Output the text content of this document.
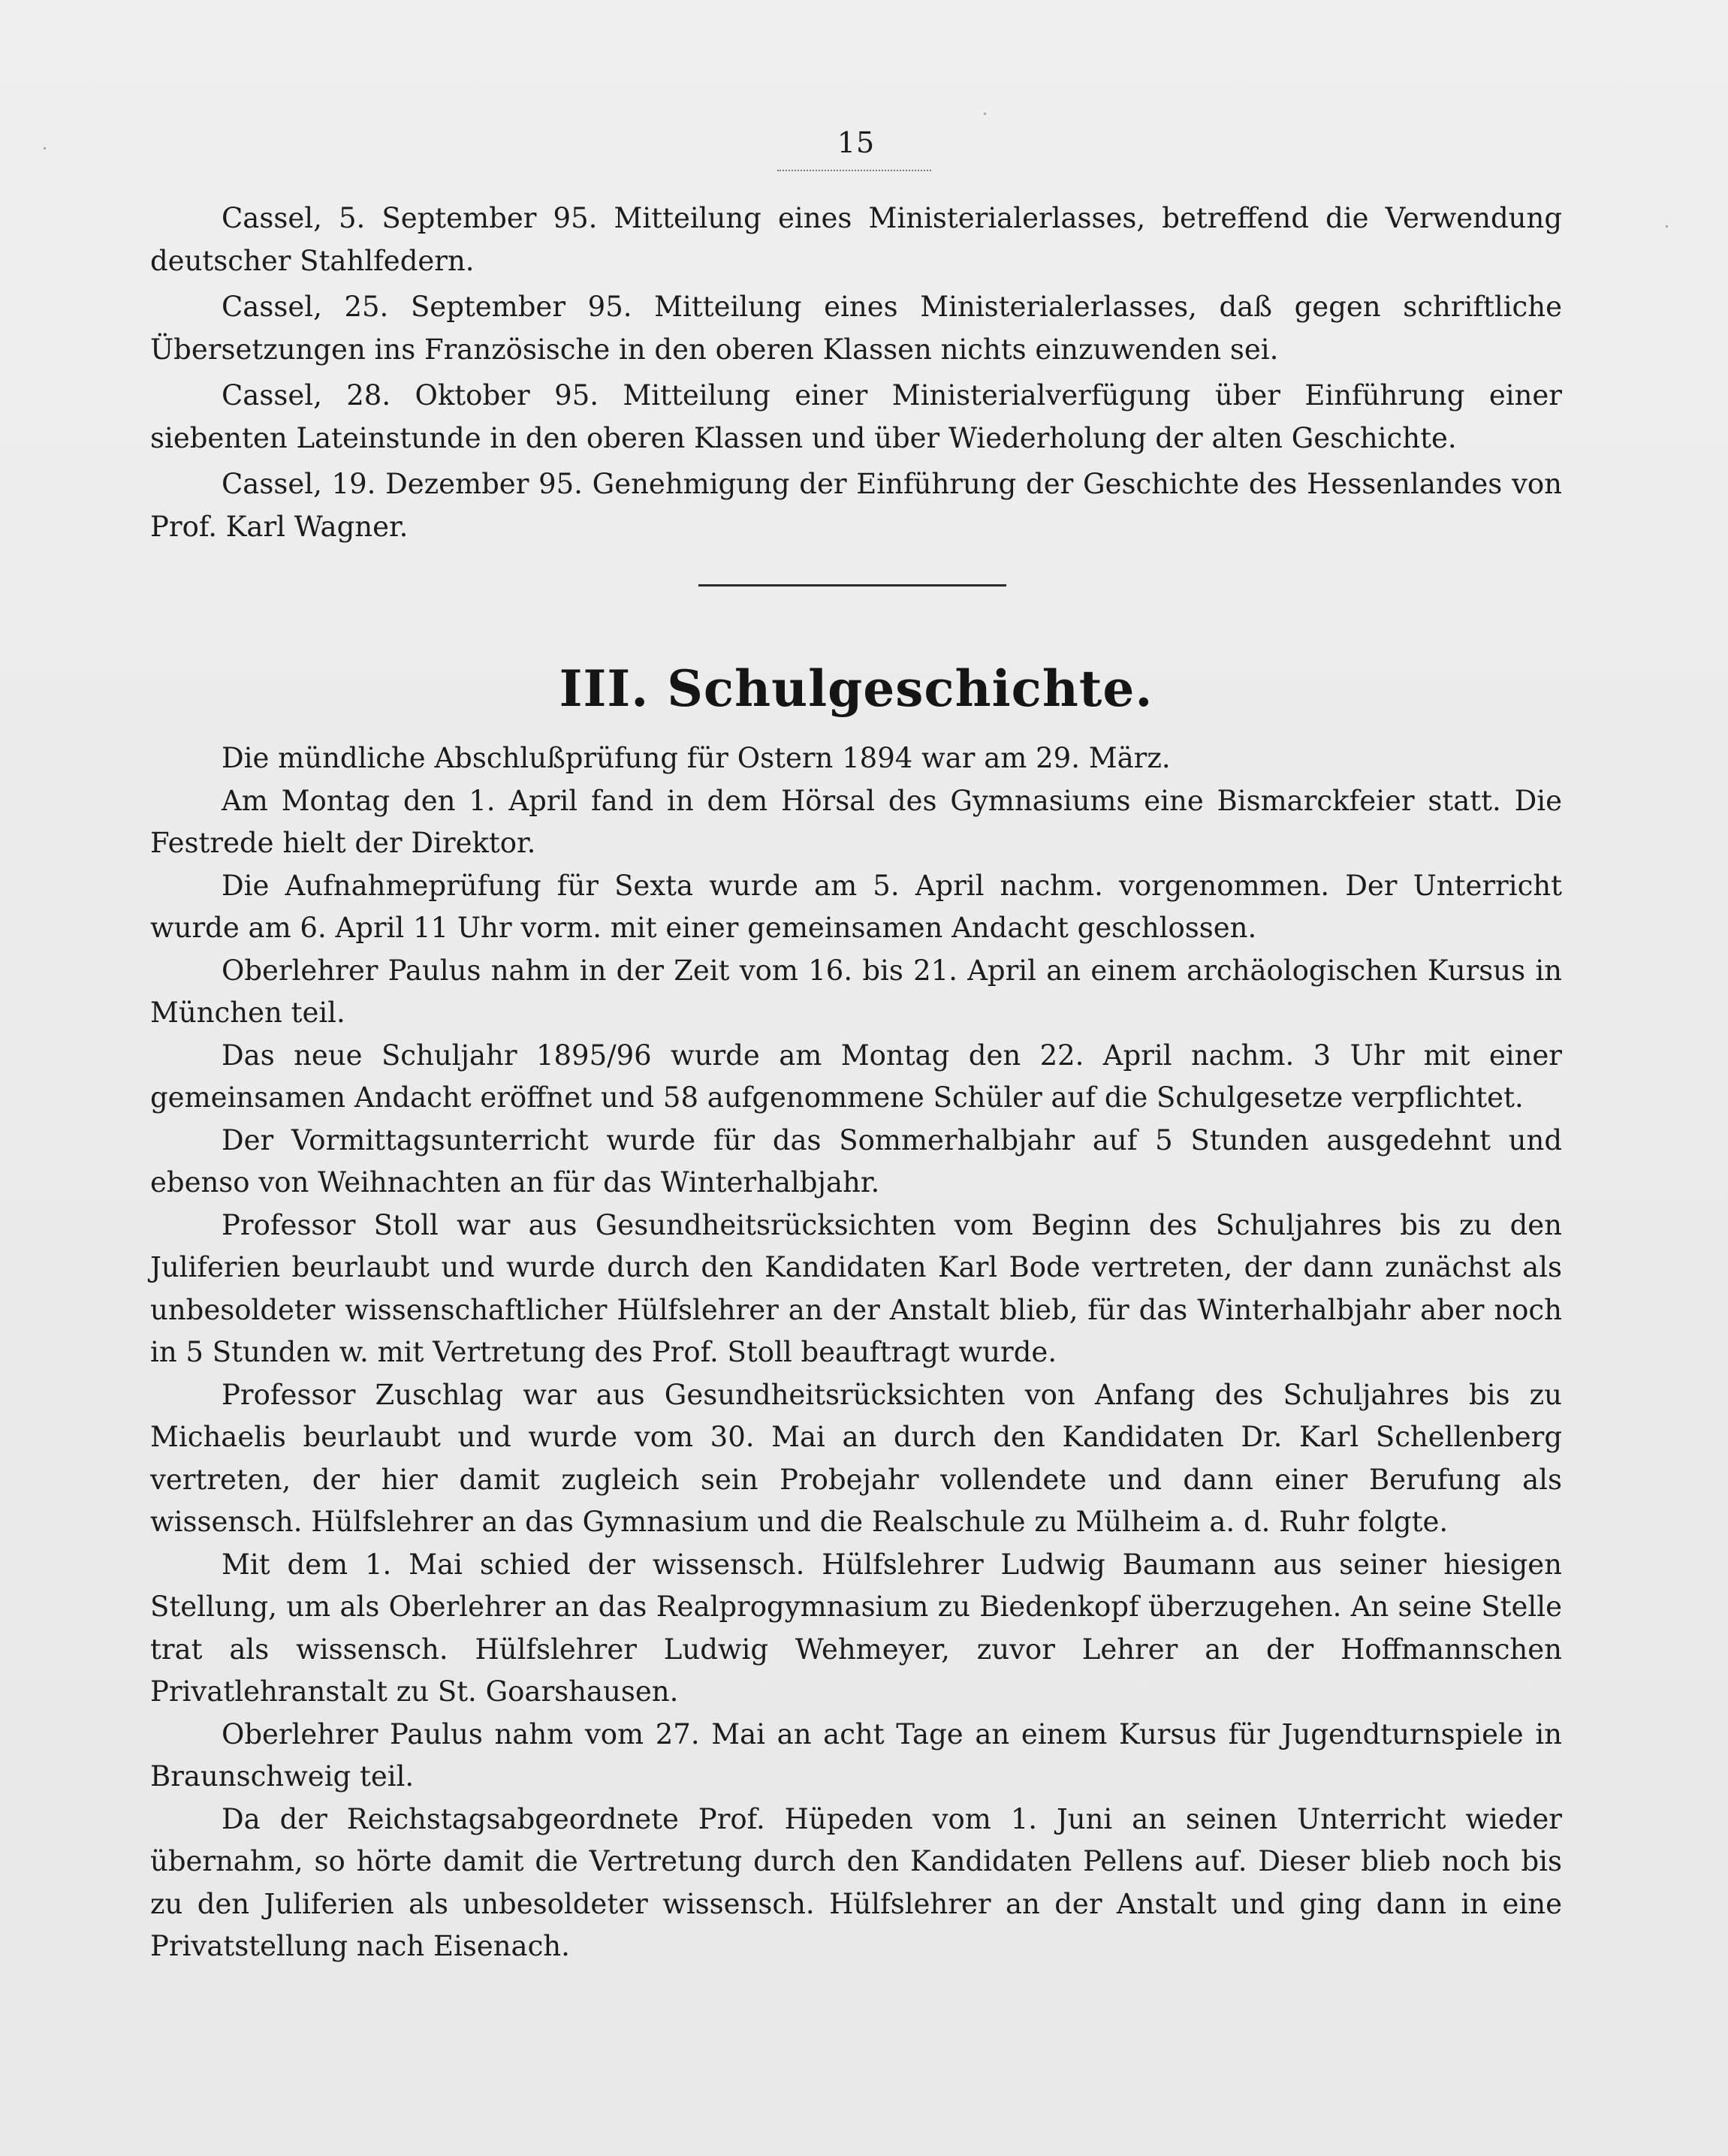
15

Cassel, 5. September 95. Mitteilung eines Ministerialerlasses, betreffend die Verwendung deutscher Stahlfedern.

Cassel, 25. September 95. Mitteilung eines Ministerialerlasses, daß gegen schriftliche Übersetzungen ins Französische in den oberen Klassen nichts einzuwenden sei.

Cassel, 28. Oktober 95. Mitteilung einer Ministerialverfügung über Einführung einer siebenten Lateinstunde in den oberen Klassen und über Wiederholung der alten Geschichte.

Cassel, 19. Dezember 95. Genehmigung der Einführung der Geschichte des Hessenlandes von Prof. Karl Wagner.

III. Schulgeschichte.

Die mündliche Abschlußprüfung für Ostern 1894 war am 29. März.

Am Montag den 1. April fand in dem Hörsal des Gymnasiums eine Bismarckfeier statt. Die Festrede hielt der Direktor.

Die Aufnahmeprüfung für Sexta wurde am 5. April nachm. vorgenommen. Der Unterricht wurde am 6. April 11 Uhr vorm. mit einer gemeinsamen Andacht geschlossen.

Oberlehrer Paulus nahm in der Zeit vom 16. bis 21. April an einem archäologischen Kursus in München teil.

Das neue Schuljahr 1895/96 wurde am Montag den 22. April nachm. 3 Uhr mit einer gemeinsamen Andacht eröffnet und 58 aufgenommene Schüler auf die Schulgesetze verpflichtet.

Der Vormittagsunterricht wurde für das Sommerhalbjahr auf 5 Stunden ausgedehnt und ebenso von Weihnachten an für das Winterhalbjahr.

Professor Stoll war aus Gesundheitsrücksichten vom Beginn des Schuljahres bis zu den Juliferien beurlaubt und wurde durch den Kandidaten Karl Bode vertreten, der dann zunächst als unbesoldeter wissenschaftlicher Hülfslehrer an der Anstalt blieb, für das Winterhalbjahr aber noch in 5 Stunden w. mit Vertretung des Prof. Stoll beauftragt wurde.

Professor Zuschlag war aus Gesundheitsrücksichten von Anfang des Schuljahres bis zu Michaelis beurlaubt und wurde vom 30. Mai an durch den Kandidaten Dr. Karl Schellenberg vertreten, der hier damit zugleich sein Probejahr vollendete und dann einer Berufung als wissensch. Hülfslehrer an das Gymnasium und die Realschule zu Mülheim a. d. Ruhr folgte.

Mit dem 1. Mai schied der wissensch. Hülfslehrer Ludwig Baumann aus seiner hiesigen Stellung, um als Oberlehrer an das Realprogymnasium zu Biedenkopf überzugehen. An seine Stelle trat als wissensch. Hülfslehrer Ludwig Wehmeyer, zuvor Lehrer an der Hoffmannschen Privatlehranstalt zu St. Goarshausen.

Oberlehrer Paulus nahm vom 27. Mai an acht Tage an einem Kursus für Jugendturnspiele in Braunschweig teil.

Da der Reichstagsabgeordnete Prof. Hüpeden vom 1. Juni an seinen Unterricht wieder übernahm, so hörte damit die Vertretung durch den Kandidaten Pellens auf. Dieser blieb noch bis zu den Juliferien als unbesoldeter wissensch. Hülfslehrer an der Anstalt und ging dann in eine Privatstellung nach Eisenach.
